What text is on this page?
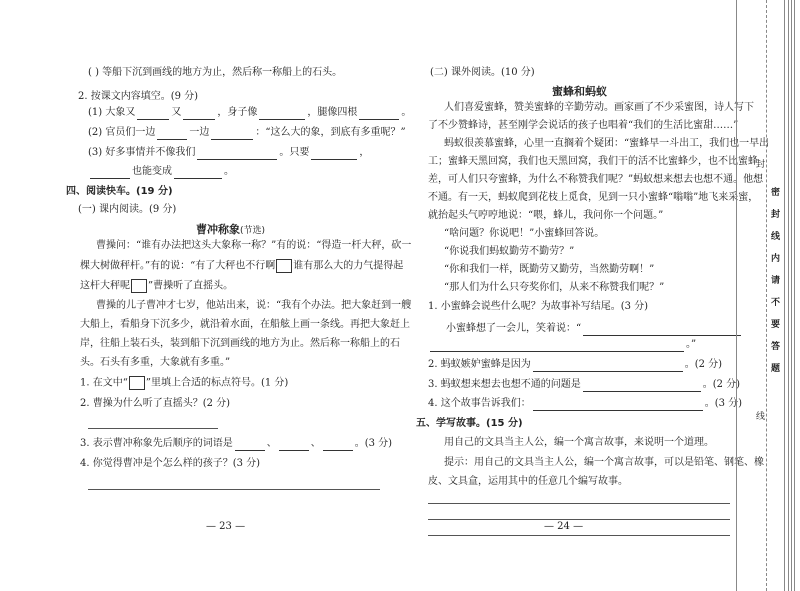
( ) 等船下沉到画线的地方为止，然后称一称船上的石头。
2. 按课文内容填空。(9 分)
(1) 大象又	又	，身子像	，腿像四根	。
(2) 官员们一边	一边	：“这么大的象，到底有多重呢？”
(3) 好多事情并不像我们	。只要	，
也能变成	。
四、阅读快车。(19 分)
(一) 课内阅读。(9 分)
曹冲称象(节选)
曹操问：“谁有办法把这头大象称一称？”有的说：“得造一杆大秤，砍一
棵大树做秤杆。”有的说：“有了大秤也不行啊 谁有那么大的力气提得起
这杆大秤呢 ”曹操听了直摇头。
曹操的儿子曹冲才七岁，他站出来，说：“我有个办法。把大象赶到一艘
大船上，看船身下沉多少，就沿着水面，在船舷上画一条线。再把大象赶上
岸，往船上装石头，装到船下沉到画线的地方为止。然后称一称船上的石
头。石头有多重，大象就有多重。”
1. 在文中“ ”里填上合适的标点符号。(1 分)
2. 曹操为什么听了直摇头？(2 分)
3. 表示曹冲称象先后顺序的词语是	、	、	。(3 分)
4. 你觉得曹冲是个怎么样的孩子？(3 分)
— 23 —
(二) 课外阅读。(10 分)
蜜蜂和蚂蚁
人们喜爱蜜蜂，赞美蜜蜂的辛勤劳动。画家画了不少采蜜图，诗人写下
了不少赞蜂诗，甚至刚学会说话的孩子也唱着“我们的生活比蜜甜……”
蚂蚁很羡慕蜜蜂，心里一直搁着个疑团：“蜜蜂早一斗出工，我们也一早出
工；蜜蜂天黑回窝，我们也天黑回窝，我们干的活不比蜜蜂少，也不比蜜蜂
差，可人们只夸蜜蜂，为什么不称赞我们呢？”蚂蚁想来想去也想不通。他想
不通。有一天，蚂蚁爬到花枝上觅食，见到一只小蜜蜂“嗡嗡”地飞来采蜜，
就抬起头气哼哼地说：“喂，蜂儿，我问你一个问题。”
“啥问题？你说吧！”小蜜蜂回答说。
“你说我们蚂蚁勤劳不勤劳？”
“你和我们一样，既勤劳又勤劳，当然勤劳啊！”
“那人们为什么只夸奖你们，从来不称赞我们呢？”
1. 小蜜蜂会说些什么呢？为故事补写结尾。(3 分)
小蜜蜂想了一会儿，笑着说：“
。”
2. 蚂蚁嫉妒蜜蜂是因为	。(2 分)
3. 蚂蚁想来想去也想不通的问题是	。(2 分)
4. 这个故事告诉我们：	。(3 分)
五、学写故事。(15 分)
用自己的文具当主人公，编一个寓言故事，来说明一个道理。
提示：用自己的文具当主人公，编一个寓言故事，可以是铅笔、钢笔、橡
皮、文具盒，运用其中的任意几个编写故事。
— 24 —
密
封
线
内
请
不
要
答
题
封
线
